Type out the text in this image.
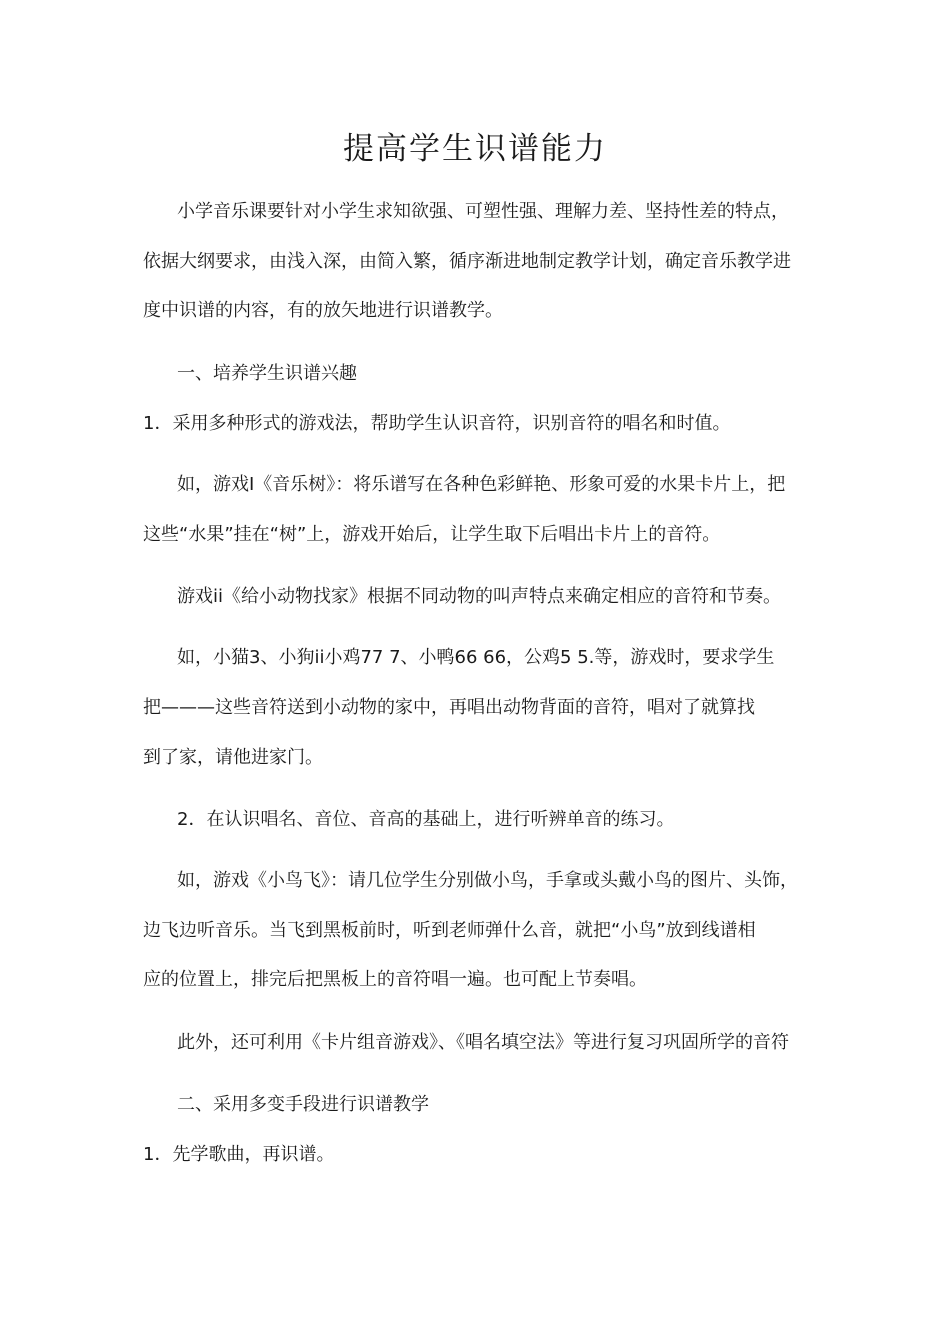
提高学生识谱能力
小学音乐课要针对小学生求知欲强、可塑性强、理解力差、坚持性差的特点，
依据大纲要求，由浅入深，由简入繁，循序渐进地制定教学计划，确定音乐教学进
度中识谱的内容，有的放矢地进行识谱教学。
一、培养学生识谱兴趣
1．采用多种形式的游戏法，帮助学生认识音符，识别音符的唱名和时值。
如，游戏Ⅰ《音乐树》：将乐谱写在各种色彩鲜艳、形象可爱的水果卡片上，把
这些“水果”挂在“树”上，游戏开始后，让学生取下后唱出卡片上的音符。
游戏ii《给小动物找家》根据不同动物的叫声特点来确定相应的音符和节奏。
如，小猫3、小狗ii小鸡77 7、小鸭66 66，公鸡5 5.等，游戏时，要求学生
把———这些音符送到小动物的家中，再唱出动物背面的音符，唱对了就算找
到了家，请他进家门。
2．在认识唱名、音位、音高的基础上，进行听辨单音的练习。
如，游戏《小鸟飞》：请几位学生分别做小鸟，手拿或头戴小鸟的图片、头饰，
边飞边听音乐。当飞到黑板前时，听到老师弹什么音，就把“小鸟”放到线谱相
应的位置上，排完后把黑板上的音符唱一遍。也可配上节奏唱。
此外，还可利用《卡片组音游戏》、《唱名填空法》等进行复习巩固所学的音符
二、采用多变手段进行识谱教学
1．先学歌曲，再识谱。
